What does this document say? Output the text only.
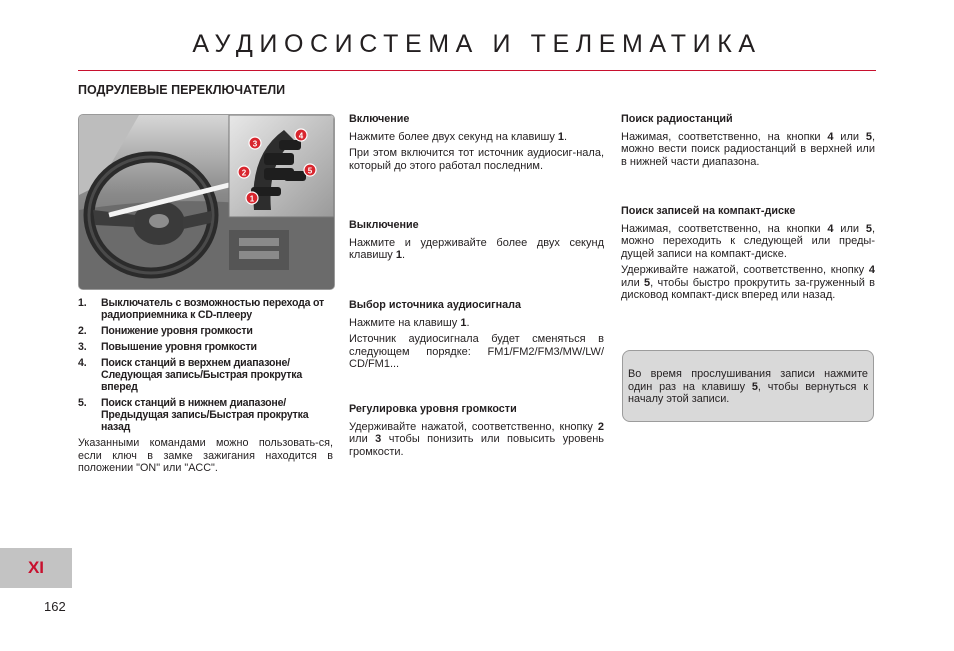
АУДИОСИСТЕМА И ТЕЛЕМАТИКА
ПОДРУЛЕВЫЕ ПЕРЕКЛЮЧАТЕЛИ
3
4
2	5
1
1.	Выключатель с возможностью перехода от радиоприемника к CD-плееру
2.	Понижение уровня громкости
3.	Повышение уровня громкости
4.	Поиск станций в верхнем диапазоне/ Следующая запись/Быстрая прокрутка вперед
5.	Поиск станций в нижнем диапазоне/ Предыдущая запись/Быстрая прокрутка назад
Указанными командами можно пользовать-ся, если ключ в замке зажигания находится в положении "ON" или "ACC".
Включение

Нажмите более двух секунд на клавишу 1.

При этом включится тот источник аудиосиг-нала, который до этого работал последним.

Выключение

Нажмите и удерживайте более двух секунд клавишу 1.

Выбор источника аудиосигнала

Нажмите на клавишу 1.

Источник аудиосигнала будет сменяться в следующем порядке: FM1/FM2/FM3/MW/LW/ CD/FM1...

Регулировка уровня громкости

Удерживайте нажатой, соответственно, кнопку 2 или 3 чтобы понизить или повысить уровень громкости.

Поиск радиостанций

Нажимая, соответственно, на кнопки 4 или 5, можно вести поиск радиостанций в верхней или в нижней части диапазона.

Поиск записей на компакт-диске

Нажимая, соответственно, на кнопки 4 или 5, можно переходить к следующей или преды-дущей записи на компакт-диске.

Удерживайте нажатой, соответственно, кнопку 4 или 5, чтобы быстро прокрутить за-груженный в дисковод компакт-диск вперед или назад.

Во время прослушивания записи нажмите один раз на клавишу 5, чтобы вернуться к началу этой записи.
XI
162
